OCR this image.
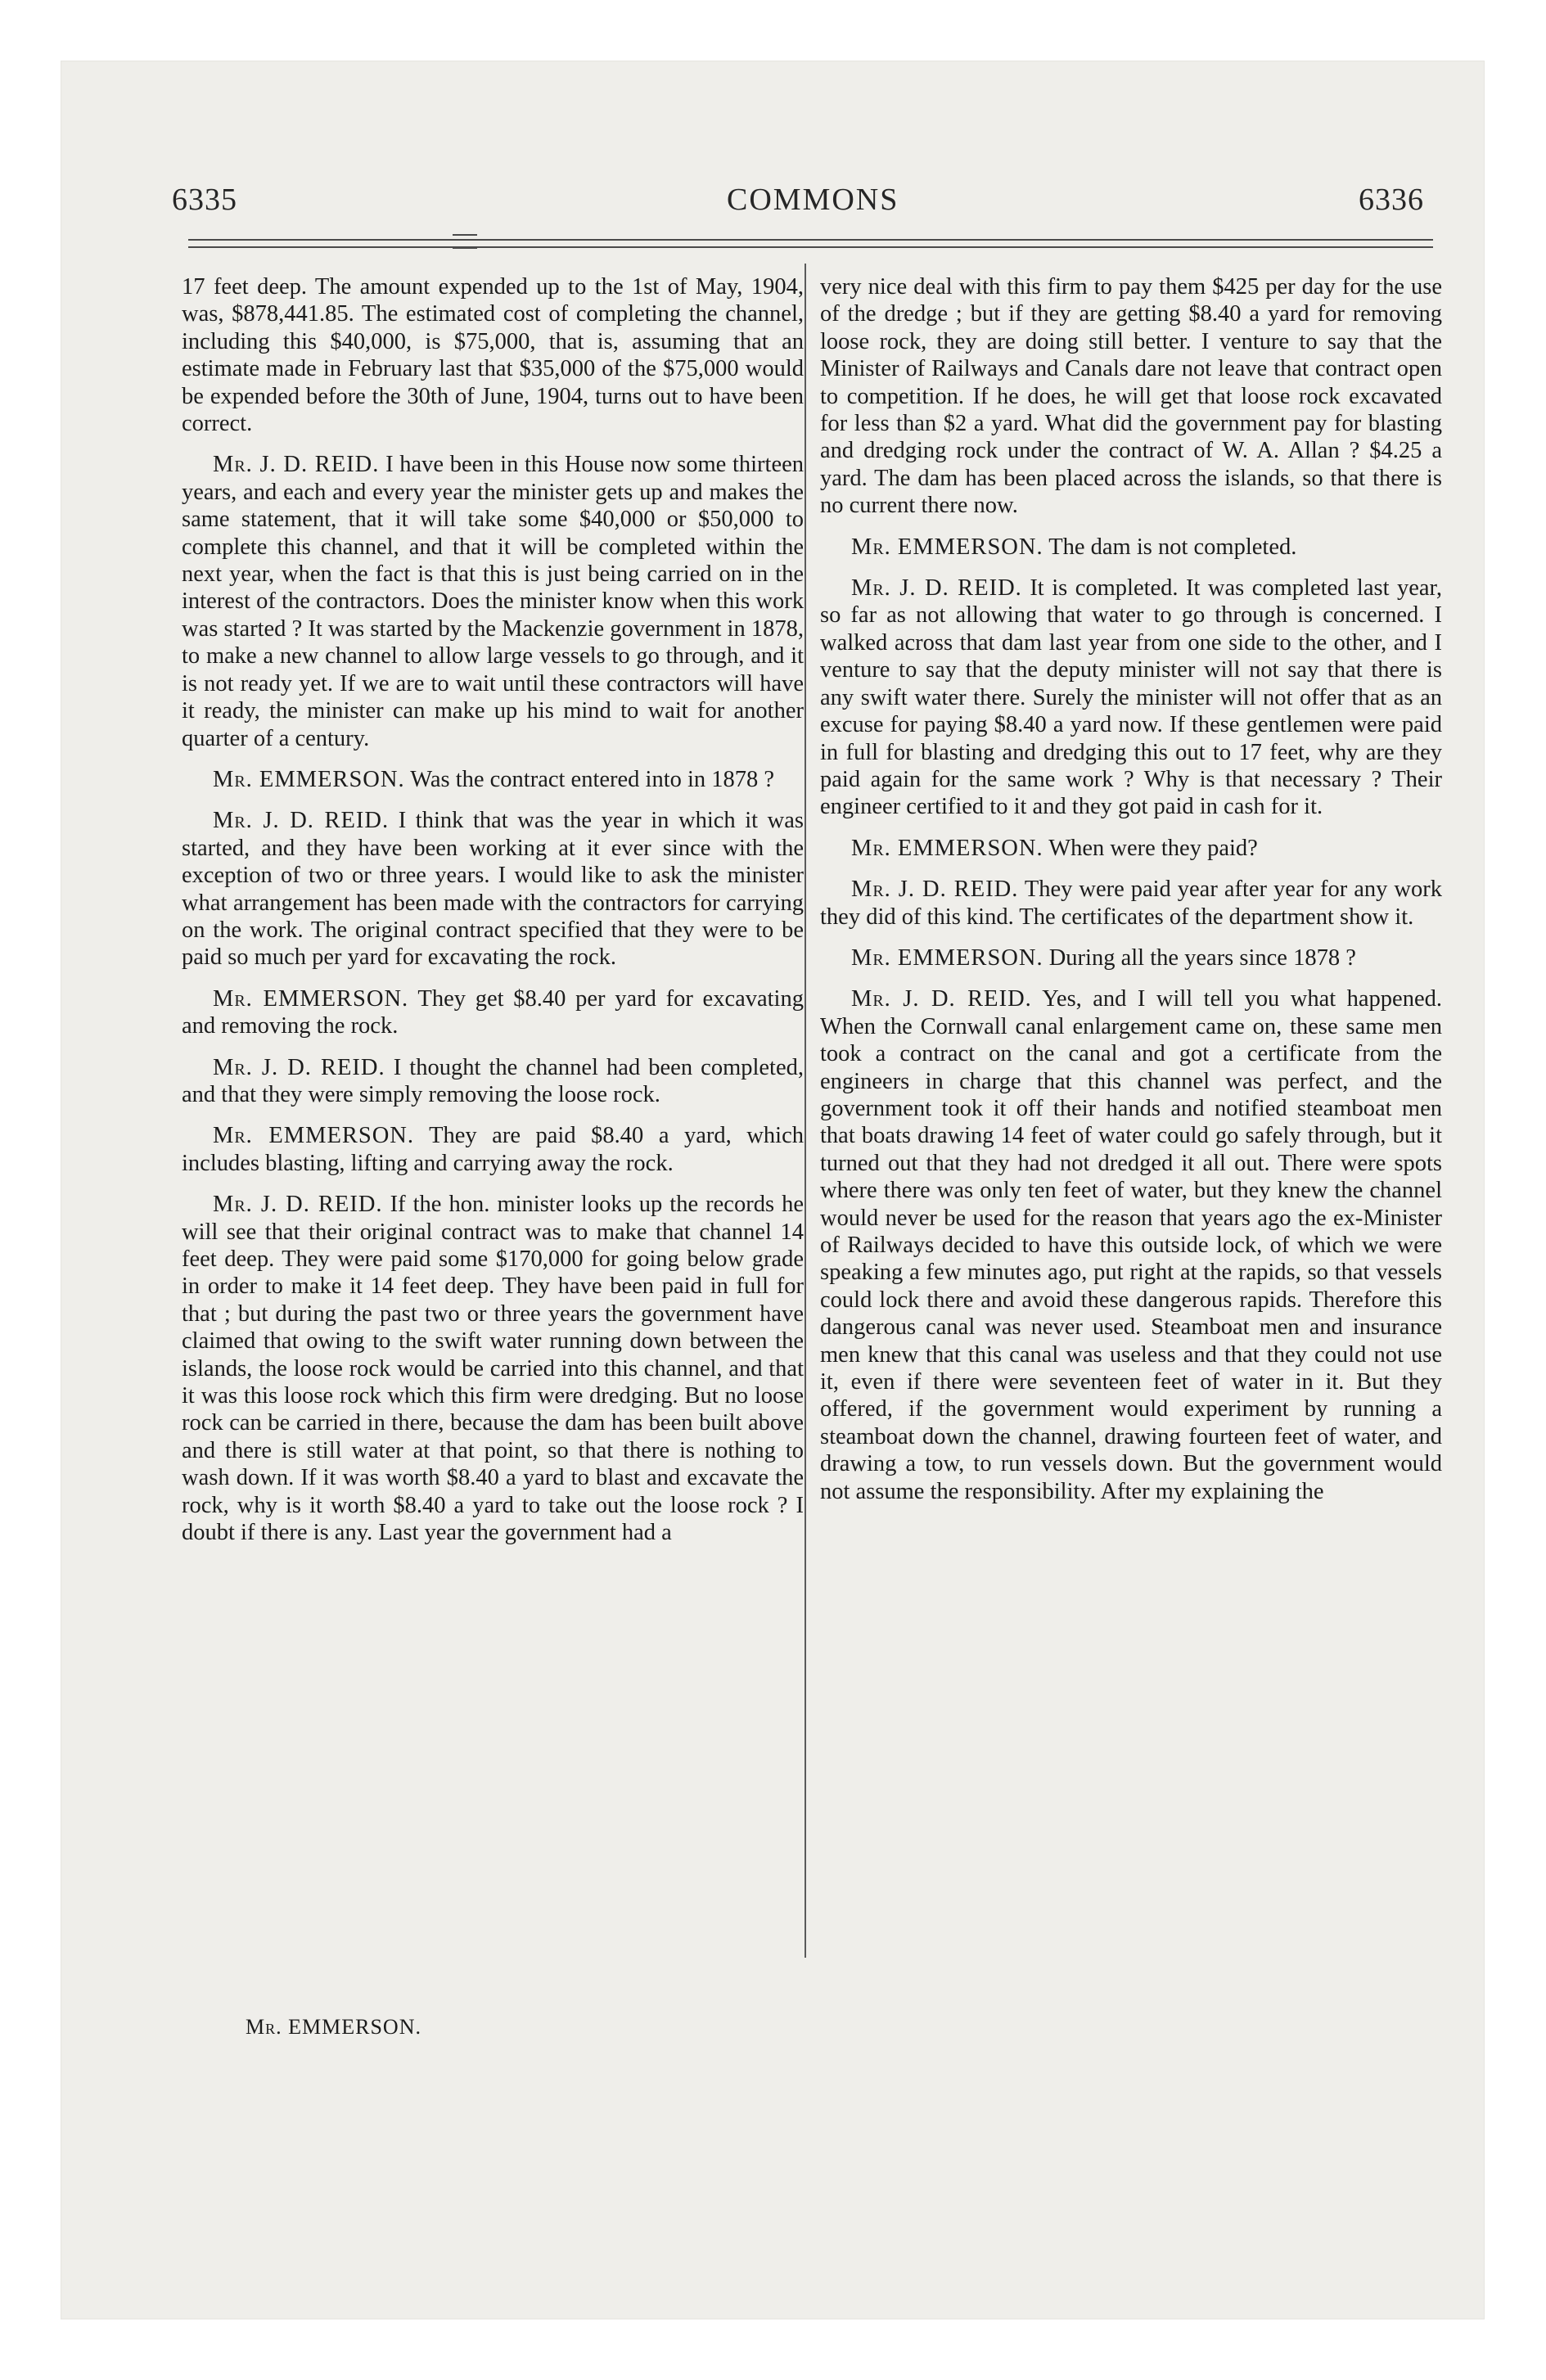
6335	COMMONS	6336

17 feet deep. The amount expended up to the 1st of May, 1904, was, $878,441.85. The estimated cost of completing the channel, including this $40,000, is $75,000, that is, assuming that an estimate made in February last that $35,000 of the $75,000 would be expended before the 30th of June, 1904, turns out to have been correct.

Mr. J. D. REID. I have been in this House now some thirteen years, and each and every year the minister gets up and makes the same statement, that it will take some $40,000 or $50,000 to complete this channel, and that it will be completed within the next year, when the fact is that this is just being carried on in the interest of the contractors. Does the minister know when this work was started ? It was started by the Mackenzie government in 1878, to make a new channel to allow large vessels to go through, and it is not ready yet. If we are to wait until these contractors will have it ready, the minister can make up his mind to wait for another quarter of a century.

Mr. EMMERSON. Was the contract entered into in 1878 ?

Mr. J. D. REID. I think that was the year in which it was started, and they have been working at it ever since with the exception of two or three years. I would like to ask the minister what arrangement has been made with the contractors for carrying on the work. The original contract specified that they were to be paid so much per yard for excavating the rock.

Mr. EMMERSON. They get $8.40 per yard for excavating and removing the rock.

Mr. J. D. REID. I thought the channel had been completed, and that they were simply removing the loose rock.

Mr. EMMERSON. They are paid $8.40 a yard, which includes blasting, lifting and carrying away the rock.

Mr. J. D. REID. If the hon. minister looks up the records he will see that their original contract was to make that channel 14 feet deep. They were paid some $170,000 for going below grade in order to make it 14 feet deep. They have been paid in full for that ; but during the past two or three years the government have claimed that owing to the swift water running down between the islands, the loose rock would be carried into this channel, and that it was this loose rock which this firm were dredging. But no loose rock can be carried in there, because the dam has been built above and there is still water at that point, so that there is nothing to wash down. If it was worth $8.40 a yard to blast and excavate the rock, why is it worth $8.40 a yard to take out the loose rock ? I doubt if there is any. Last year the government had a

very nice deal with this firm to pay them $425 per day for the use of the dredge ; but if they are getting $8.40 a yard for removing loose rock, they are doing still better. I venture to say that the Minister of Railways and Canals dare not leave that contract open to competition. If he does, he will get that loose rock excavated for less than $2 a yard. What did the government pay for blasting and dredging rock under the contract of W. A. Allan ? $4.25 a yard. The dam has been placed across the islands, so that there is no current there now.

Mr. EMMERSON. The dam is not completed.

Mr. J. D. REID. It is completed. It was completed last year, so far as not allowing that water to go through is concerned. I walked across that dam last year from one side to the other, and I venture to say that the deputy minister will not say that there is any swift water there. Surely the minister will not offer that as an excuse for paying $8.40 a yard now. If these gentlemen were paid in full for blasting and dredging this out to 17 feet, why are they paid again for the same work ? Why is that necessary ? Their engineer certified to it and they got paid in cash for it.

Mr. EMMERSON. When were they paid?

Mr. J. D. REID. They were paid year after year for any work they did of this kind. The certificates of the department show it.

Mr. EMMERSON. During all the years since 1878 ?

Mr. J. D. REID. Yes, and I will tell you what happened. When the Cornwall canal enlargement came on, these same men took a contract on the canal and got a certificate from the engineers in charge that this channel was perfect, and the government took it off their hands and notified steamboat men that boats drawing 14 feet of water could go safely through, but it turned out that they had not dredged it all out. There were spots where there was only ten feet of water, but they knew the channel would never be used for the reason that years ago the ex-Minister of Railways decided to have this outside lock, of which we were speaking a few minutes ago, put right at the rapids, so that vessels could lock there and avoid these dangerous rapids. Therefore this dangerous canal was never used. Steamboat men and insurance men knew that this canal was useless and that they could not use it, even if there were seventeen feet of water in it. But they offered, if the government would experiment by running a steamboat down the channel, drawing fourteen feet of water, and drawing a tow, to run vessels down. But the government would not assume the responsibility. After my explaining the

Mr. EMMERSON.
